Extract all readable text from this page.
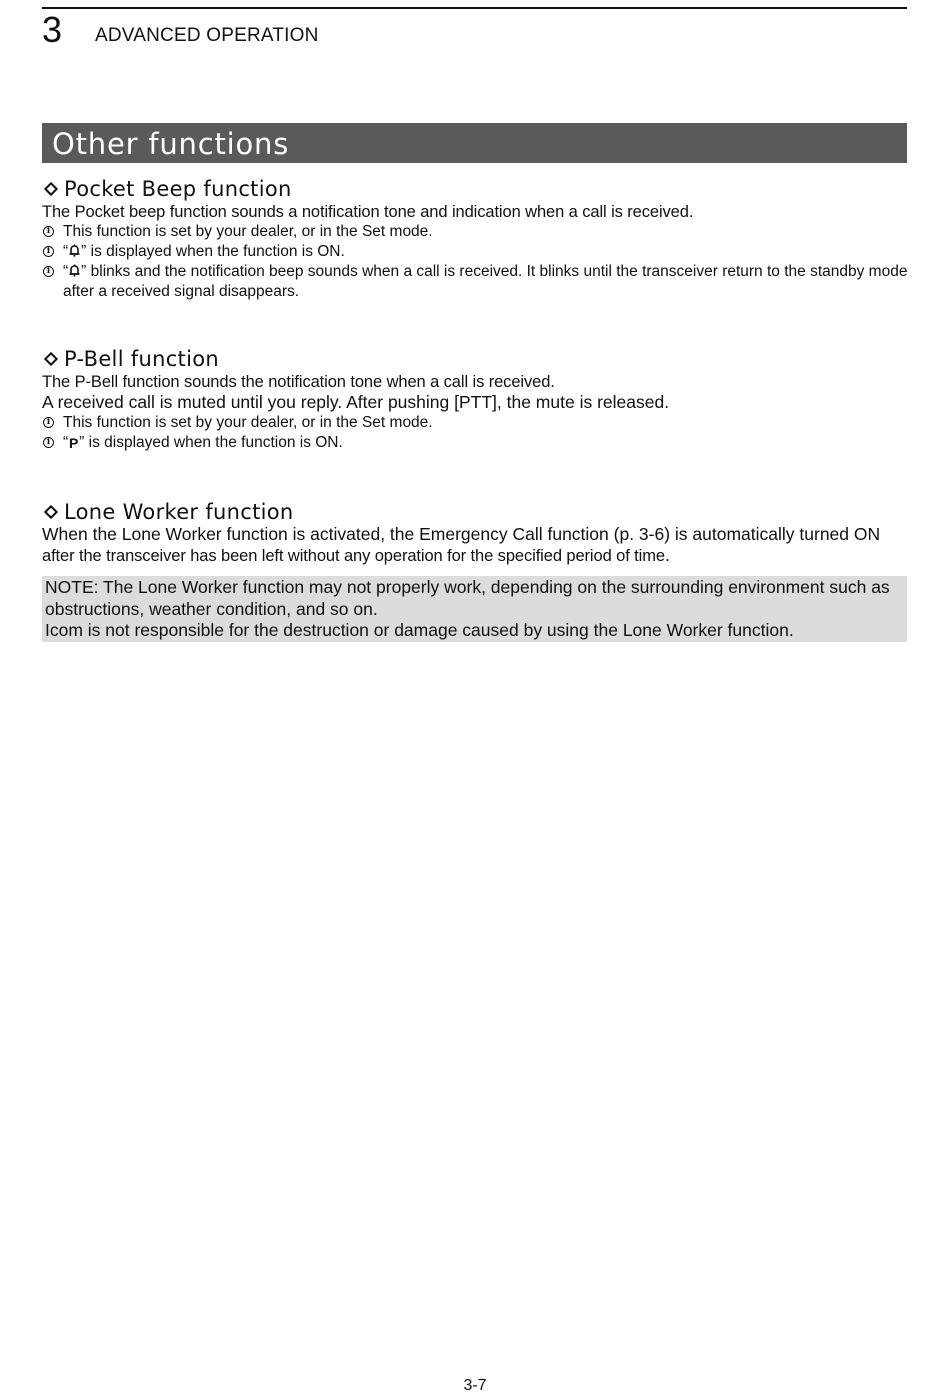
3 ADVANCED OPERATION
Other functions
Pocket Beep function

The Pocket beep function sounds a notification tone and indication when a call is received.

i This function is set by your dealer, or in the Set mode.

i “ ” is displayed when the function is ON.

i “ ” blinks and the notification beep sounds when a call is received. It blinks until the transceiver return to the standby mode after a received signal disappears.

P-Bell function

The P-Bell function sounds the notification tone when a call is received.

A received call is muted until you reply. After pushing [PTT], the mute is released.

i This function is set by your dealer, or in the Set mode.

i “P” is displayed when the function is ON.

Lone Worker function

When the Lone Worker function is activated, the Emergency Call function (p. 3-6) is automatically turned ON

after the transceiver has been left without any operation for the specified period of time.

NOTE: The Lone Worker function may not properly work, depending on the surrounding environment such as

obstructions, weather condition, and so on.

Icom is not responsible for the destruction or damage caused by using the Lone Worker function.

3-7
